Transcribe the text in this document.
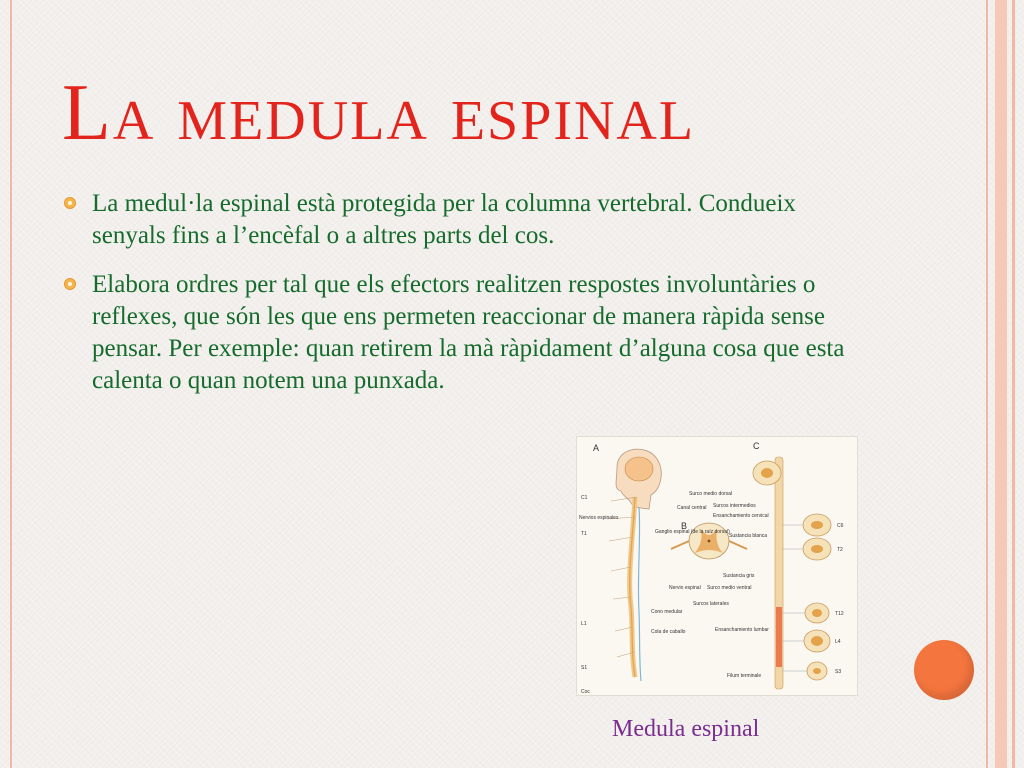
La medula espinal
La medul·la espinal està protegida per la columna vertebral. Condueix senyals fins a l’encèfal o a altres parts del cos.
Elabora ordres per tal que els efectors realitzen respostes involuntàries o reflexes, que són les que ens permeten reaccionar de manera ràpida sense pensar. Per exemple: quan retirem la mà ràpidament d’alguna cosa que esta calenta o quan notem una punxada.
A
B
C
C1
Nervios espinales
T1
L1
S1
Coc
Surco medio dorsal
Canal central Surcos intermedios
Ensanchamiento cervical
Sustancia blanca
Ganglio espinal (de la raíz dorsal)
Sustancia gris
Surco medio ventral
Nervio espinal
Surcos laterales
Cono medular
Cola de caballo	Ensanchamiento lumbar
Filum terminale
C6
T2
T12
L4
S3
Medula espinal
